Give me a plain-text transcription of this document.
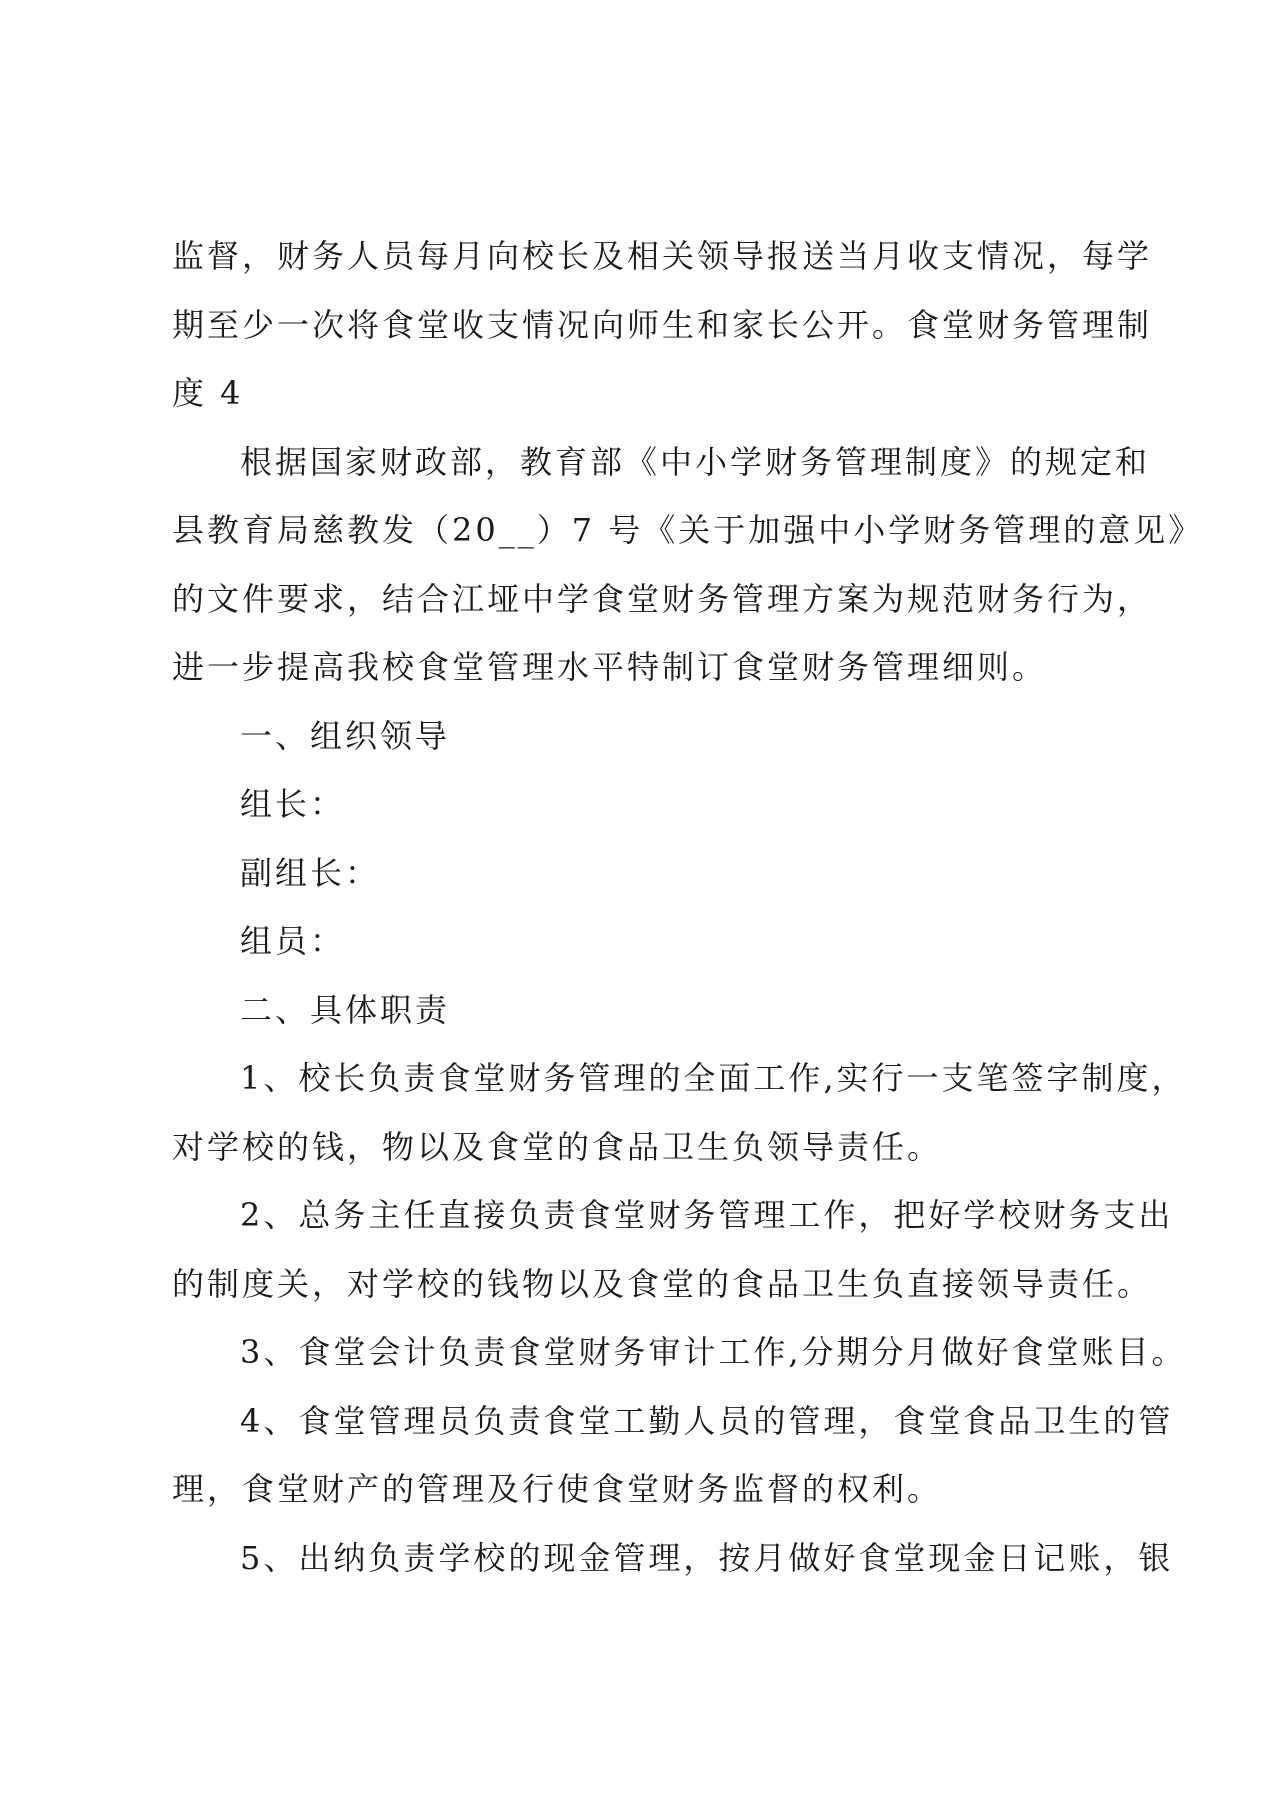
监督，财务人员每月向校长及相关领导报送当月收支情况，每学
期至少一次将食堂收支情况向师生和家长公开。食堂财务管理制
度 4
根据国家财政部，教育部《中小学财务管理制度》的规定和
县教育局慈教发（20__）7 号《关于加强中小学财务管理的意见》
的文件要求，结合江垭中学食堂财务管理方案为规范财务行为，
进一步提高我校食堂管理水平特制订食堂财务管理细则。
一、组织领导
组长：
副组长：
组员：
二、具体职责
1、校长负责食堂财务管理的全面工作,实行一支笔签字制度，
对学校的钱，物以及食堂的食品卫生负领导责任。
2、总务主任直接负责食堂财务管理工作，把好学校财务支出
的制度关，对学校的钱物以及食堂的食品卫生负直接领导责任。
3、食堂会计负责食堂财务审计工作,分期分月做好食堂账目。
4、食堂管理员负责食堂工勤人员的管理，食堂食品卫生的管
理，食堂财产的管理及行使食堂财务监督的权利。
5、出纳负责学校的现金管理，按月做好食堂现金日记账，银
